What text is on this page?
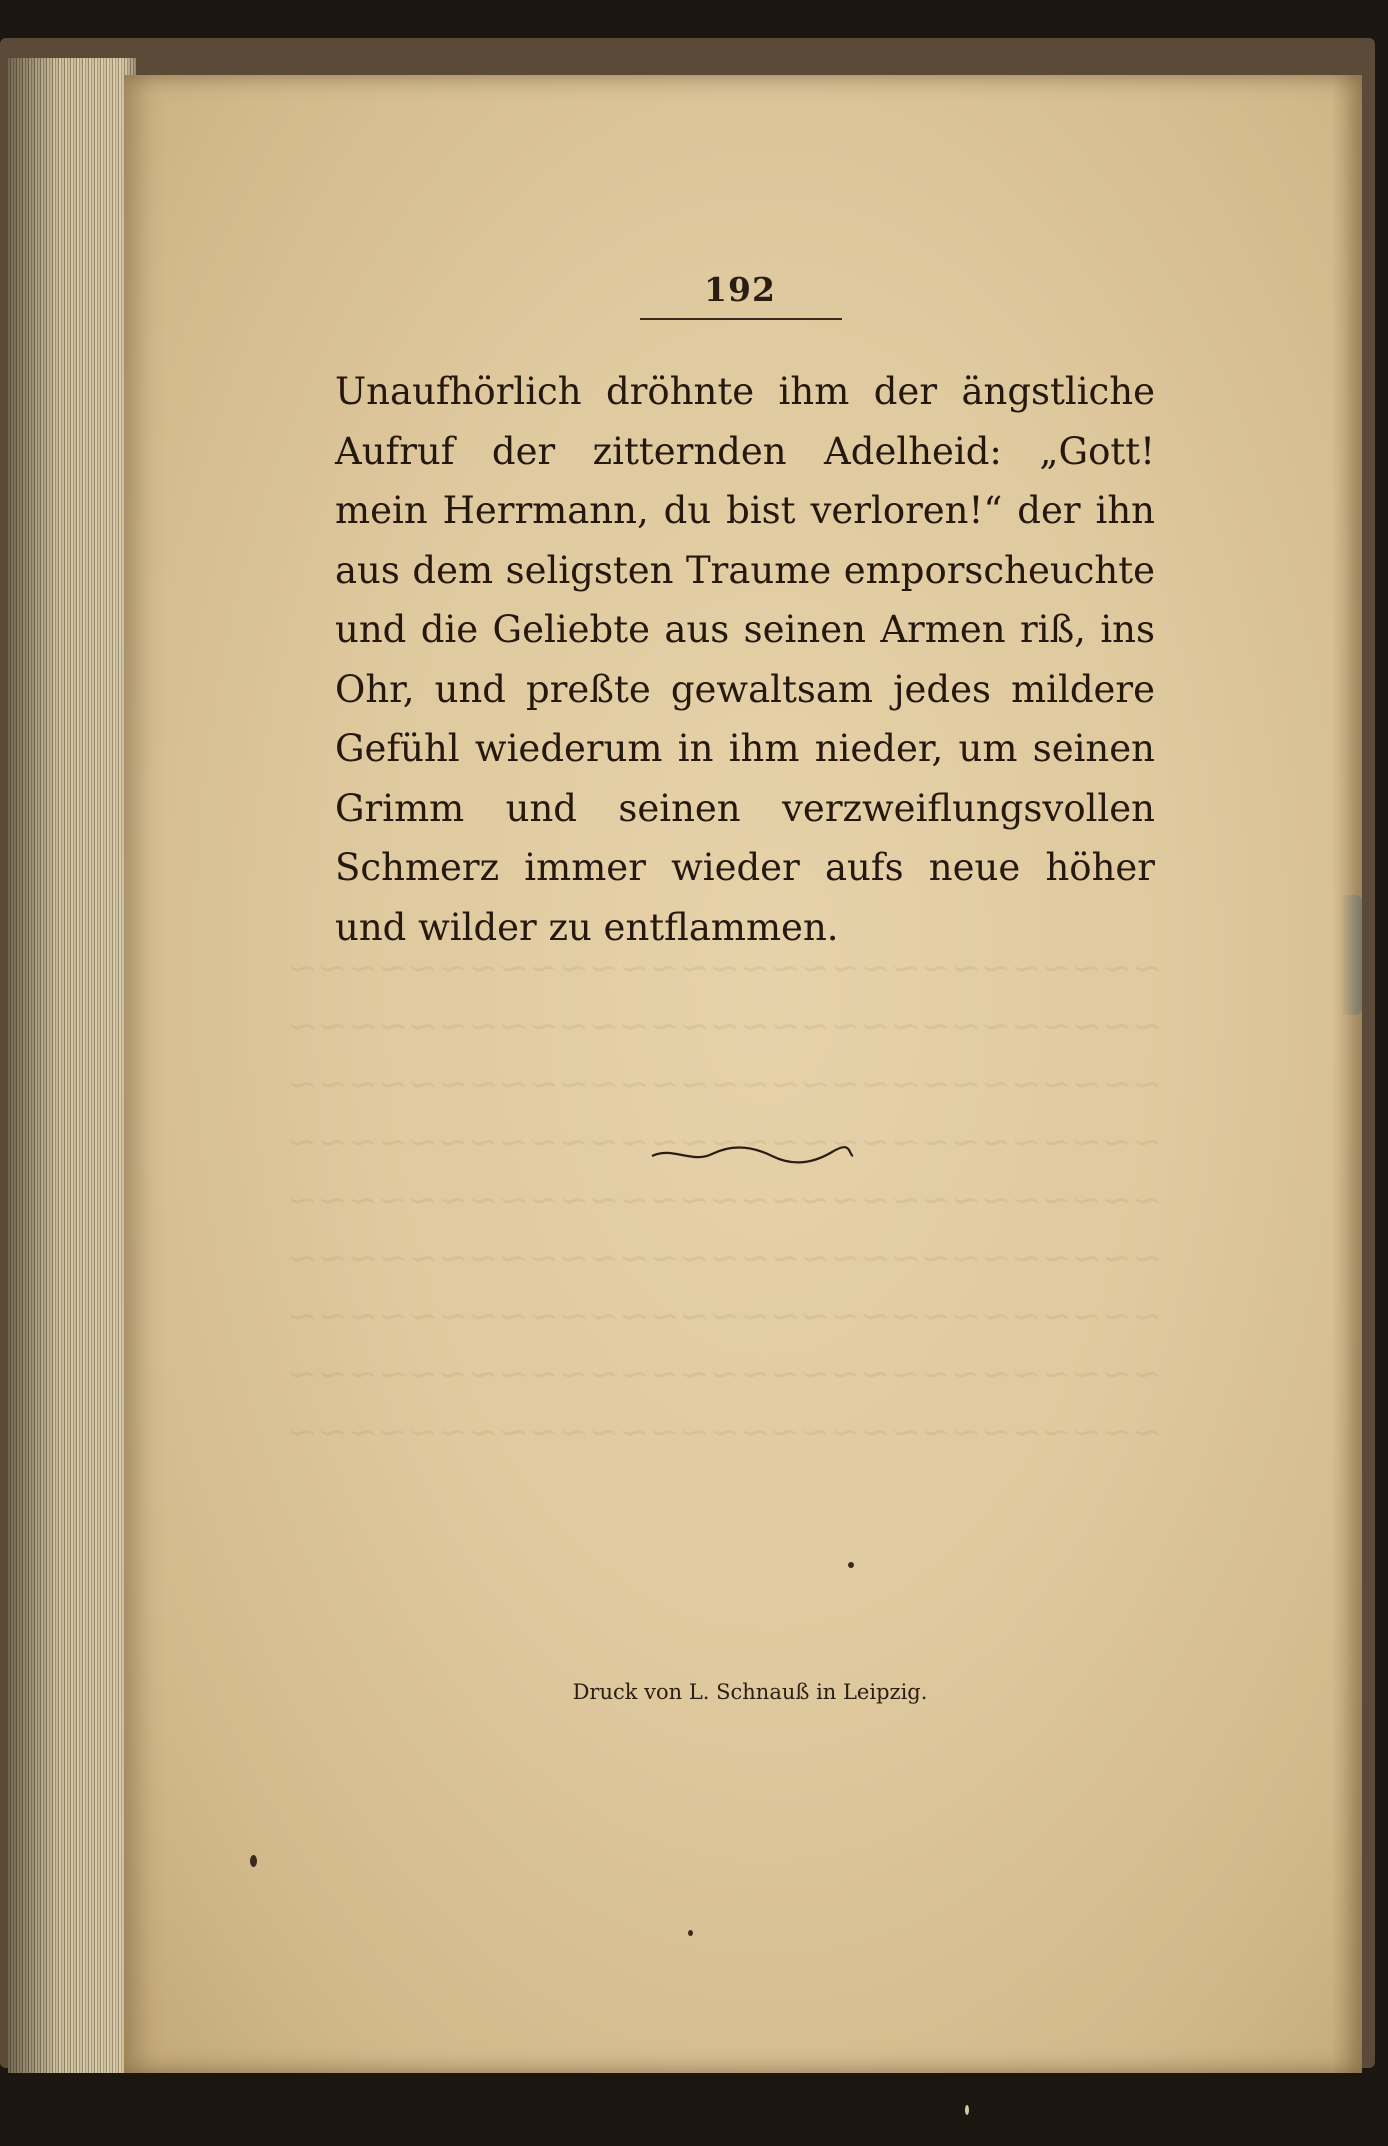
192

Unaufhörlich dröhnte ihm der ängstliche Aufruf der zitternden Adelheid: „Gott! mein Herrmann, du bist verloren!“ der ihn aus dem seligsten Traume emporscheuchte und die Geliebte aus seinen Armen riß, ins Ohr, und preßte gewaltsam jedes mildere Gefühl wiederum in ihm nieder, um seinen Grimm und seinen verzweiflungsvollen Schmerz immer wieder aufs neue höher und wilder zu entflammen.

Druck von L. Schnauß in Leipzig.
